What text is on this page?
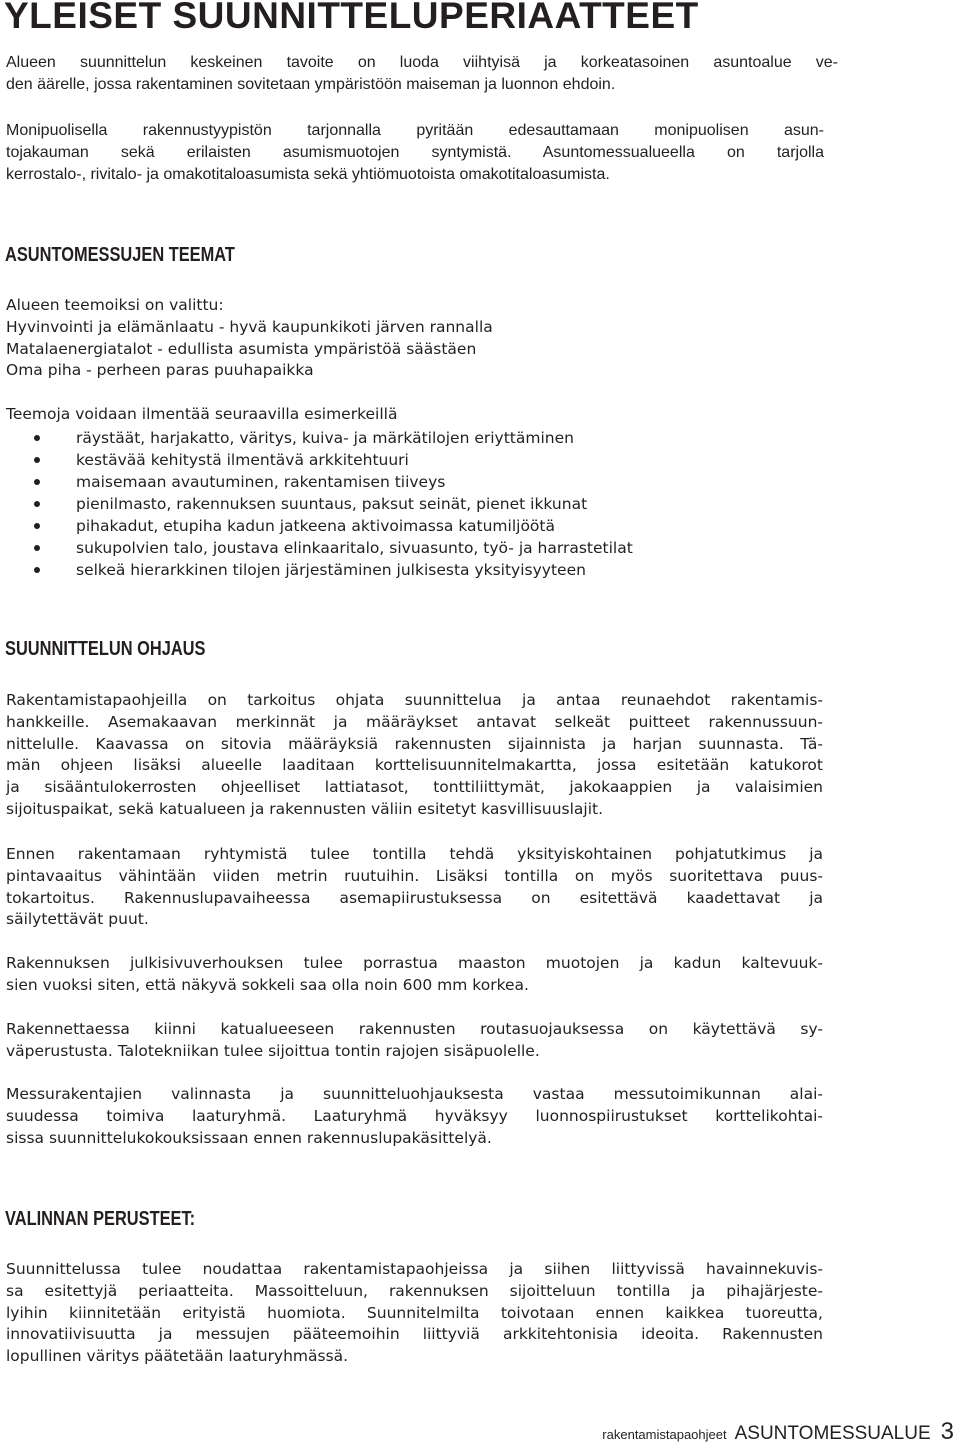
YLEISET SUUNNITTELUPERIAATTEET

Alueen suunnittelun keskeinen tavoite on luoda viihtyisä ja korkeatasoinen asuntoalue ve-
den äärelle, jossa rakentaminen sovitetaan ympäristöön maiseman ja luonnon ehdoin.

Monipuolisella rakennustyypistön tarjonnalla pyritään edesauttamaan monipuolisen asun-
tojakauman sekä erilaisten asumismuotojen syntymistä. Asuntomessualueella on tarjolla
kerrostalo-, rivitalo- ja omakotitaloasumista sekä yhtiömuotoista omakotitaloasumista.

ASUNTOMESSUJEN TEEMAT
Alueen teemoiksi on valittu:
Hyvinvointi ja elämänlaatu - hyvä kaupunkikoti järven rannalla
Matalaenergiatalot - edullista asumista ympäristöä säästäen
Oma piha - perheen paras puuhapaikka
Teemoja voidaan ilmentää seuraavilla esimerkeillä
räystäät, harjakatto, väritys, kuiva- ja märkätilojen eriyttäminen
kestävää kehitystä ilmentävä arkkitehtuuri
maisemaan avautuminen, rakentamisen tiiveys
pienilmasto, rakennuksen suuntaus, paksut seinät, pienet ikkunat
pihakadut, etupiha kadun jatkeena aktivoimassa katumiljöötä
sukupolvien talo, joustava elinkaaritalo, sivuasunto, työ- ja harrastetilat
selkeä hierarkkinen tilojen järjestäminen julkisesta yksityisyyteen
SUUNNITTELUN OHJAUS
Rakentamistapaohjeilla on tarkoitus ohjata suunnittelua ja antaa reunaehdot rakentamis-
hankkeille. Asemakaavan merkinnät ja määräykset antavat selkeät puitteet rakennussuun-
nittelulle. Kaavassa on sitovia määräyksiä rakennusten sijainnista ja harjan suunnasta. Tä-
män ohjeen lisäksi alueelle laaditaan korttelisuunnitelmakartta, jossa esitetään katukorot
ja sisääntulokerrosten ohjeelliset lattiatasot, tonttiliittymät, jakokaappien ja valaisimien
sijoituspaikat, sekä katualueen ja rakennusten väliin esitetyt kasvillisuuslajit.
Ennen rakentamaan ryhtymistä tulee tontilla tehdä yksityiskohtainen pohjatutkimus ja
pintavaaitus vähintään viiden metrin ruutuihin. Lisäksi tontilla on myös suoritettava puus-
tokartoitus. Rakennuslupavaiheessa asemapiirustuksessa on esitettävä kaadettavat ja
säilytettävät puut.
Rakennuksen julkisivuverhouksen tulee porrastua maaston muotojen ja kadun kaltevuuk-
sien vuoksi siten, että näkyvä sokkeli saa olla noin 600 mm korkea.
Rakennettaessa kiinni katualueeseen rakennusten routasuojauksessa on käytettävä sy-
väperustusta. Talotekniikan tulee sijoittua tontin rajojen sisäpuolelle.
Messurakentajien valinnasta ja suunnitteluohjauksesta vastaa messutoimikunnan alai-
suudessa toimiva laaturyhmä. Laaturyhmä hyväksyy luonnospiirustukset korttelikohtai-
sissa suunnittelukokouksissaan ennen rakennuslupakäsittelyä.
VALINNAN PERUSTEET:
Suunnittelussa tulee noudattaa rakentamistapaohjeissa ja siihen liittyvissä havainnekuvis-
sa esitettyjä periaatteita. Massoitteluun, rakennuksen sijoitteluun tontilla ja pihajärjeste-
lyihin kiinnitetään erityistä huomiota. Suunnitelmilta toivotaan ennen kaikkea tuoreutta,
innovatiivisuutta ja messujen pääteemoihin liittyviä arkkitehtonisia ideoita. Rakennusten
lopullinen väritys päätetään laaturyhmässä.
rakentamistapaohjeet ASUNTOMESSUALUE 3
